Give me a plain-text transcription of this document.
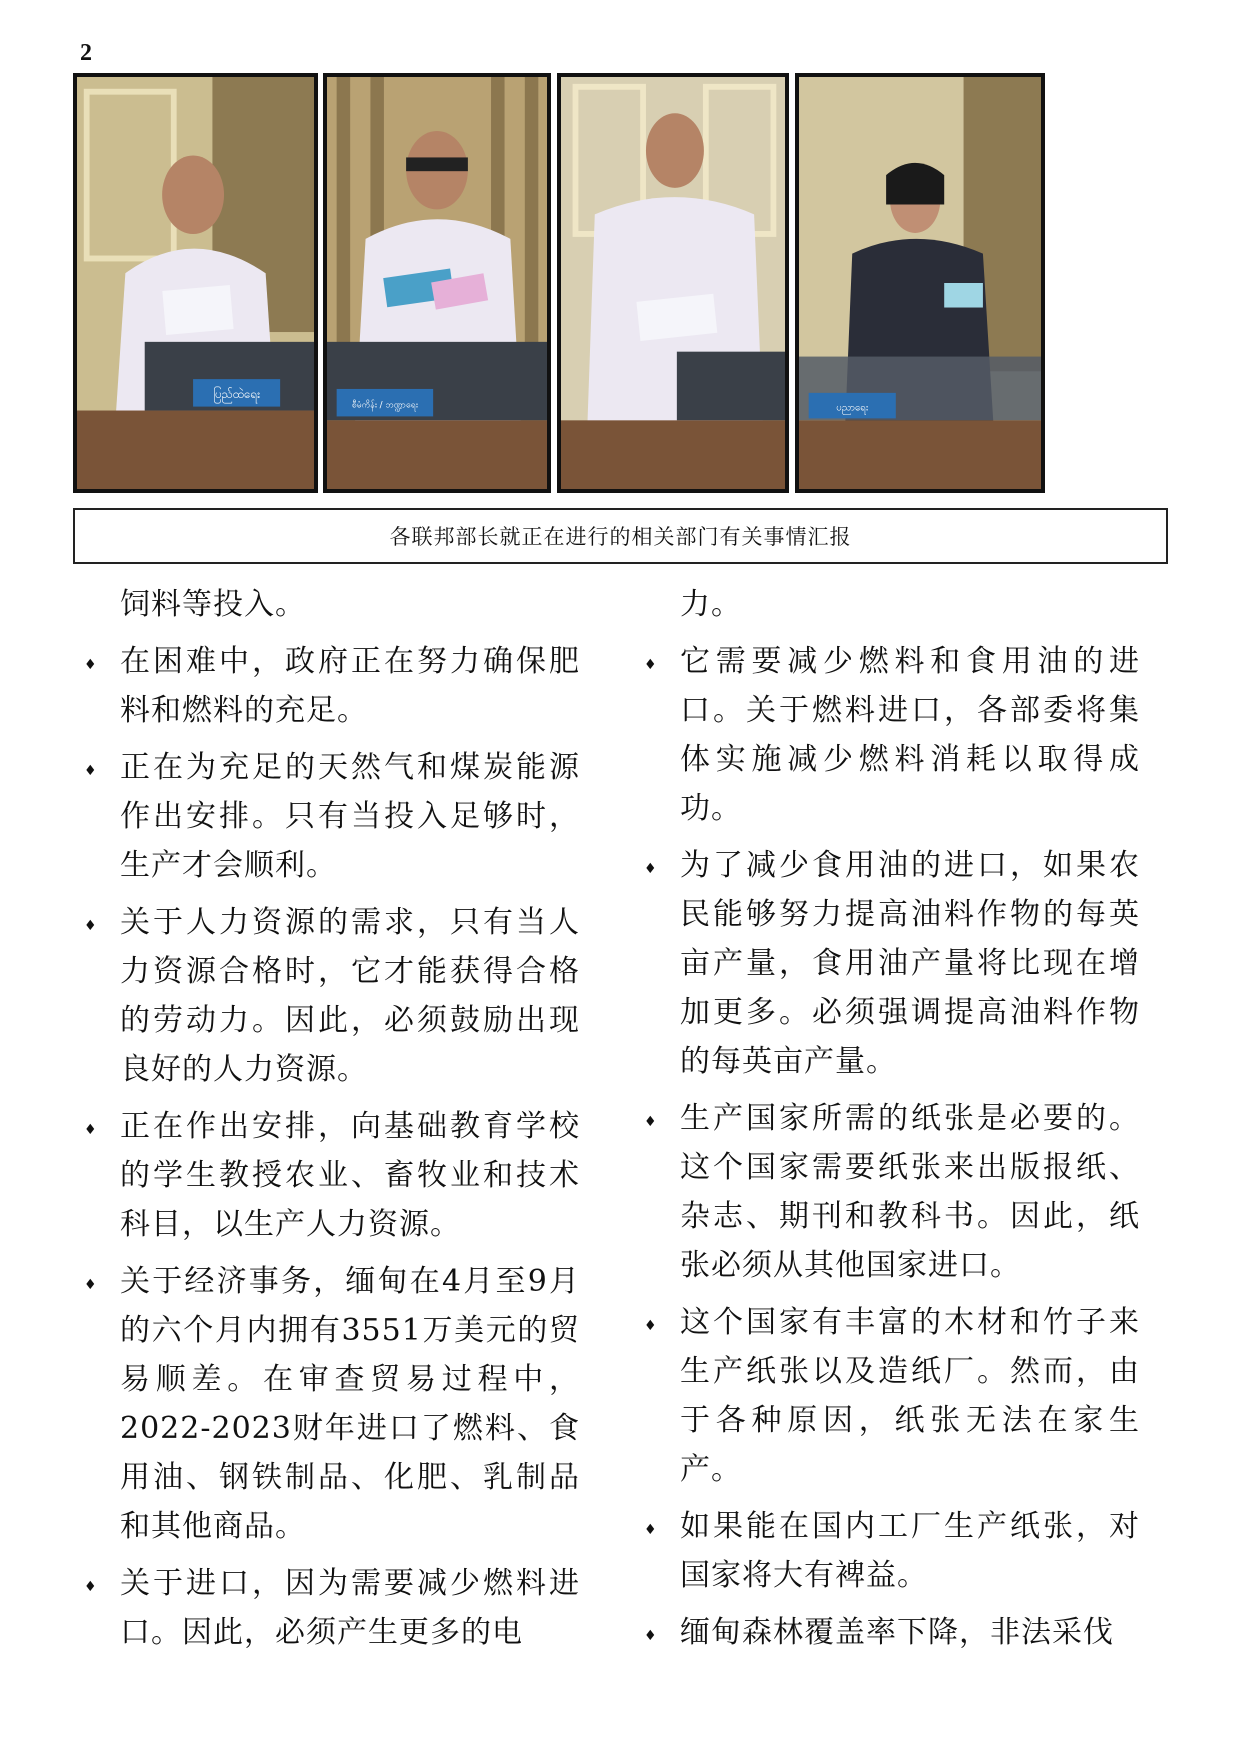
2
ပြည်ထဲရေး
စီမံကိန်း / ဘဏ္ဍာရေး	ပညာရေး
各联邦部长就正在进行的相关部门有关事情汇报

饲料等投入。

♦ 在困难中，政府正在努力确保肥料和燃料的充足。

♦ 正在为充足的天然气和煤炭能源作出安排。只有当投入足够时，生产才会顺利。

♦ 关于人力资源的需求，只有当人力资源合格时，它才能获得合格的劳动力。因此，必须鼓励出现良好的人力资源。

♦ 正在作出安排，向基础教育学校的学生教授农业、畜牧业和技术科目，以生产人力资源。

♦ 关于经济事务，缅甸在4月至9月的六个月内拥有3551万美元的贸易顺差。在审查贸易过程中，2022-2023财年进口了燃料、食用油、钢铁制品、化肥、乳制品和其他商品。

♦ 关于进口，因为需要减少燃料进口。因此，必须产生更多的电

力。

♦ 它需要减少燃料和食用油的进口。关于燃料进口，各部委将集体实施减少燃料消耗以取得成功。

♦ 为了减少食用油的进口，如果农民能够努力提高油料作物的每英亩产量，食用油产量将比现在增加更多。必须强调提高油料作物的每英亩产量。

♦ 生产国家所需的纸张是必要的。这个国家需要纸张来出版报纸、杂志、期刊和教科书。因此，纸张必须从其他国家进口。

♦ 这个国家有丰富的木材和竹子来生产纸张以及造纸厂。然而，由于各种原因，纸张无法在家生产。

♦ 如果能在国内工厂生产纸张，对国家将大有裨益。

♦ 缅甸森林覆盖率下降，非法采伐
